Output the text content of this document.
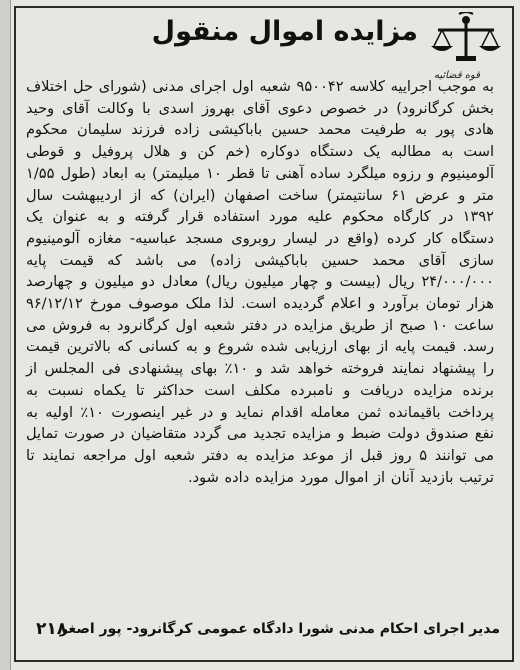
مزایده اموال منقول
قوه قضائیه
به موجب اجراییه کلاسه ۹۵۰۰۴۲ شعبه اول اجرای مدنی (شورای حل اختلاف بخش کرگانرود) در خصوص دعوی آقای بهروز اسدی با وکالت آقای وحید هادی پور به طرفیت محمد حسین باباکیشی زاده فرزند سلیمان محکوم است به مطالبه یک دستگاه دوکاره (خم کن و هلال پروفیل و قوطی آلومینیوم و رزوه میلگرد ساده آهنی تا قطر ۱۰ میلیمتر) به ابعاد (طول ۱/۵۵ متر و عرض ۶۱ سانتیمتر) ساخت اصفهان (ایران) که از اردیبهشت سال ۱۳۹۲ در کارگاه محکوم علیه مورد استفاده قرار گرفته و به عنوان یک دستگاه کار کرده (واقع در لیسار روبروی مسجد عباسیه- مغازه آلومینیوم سازی آقای محمد حسین باباکیشی زاده) می باشد که قیمت پایه ۲۴/۰۰۰/۰۰۰ ریال (بیست و چهار میلیون ریال) معادل دو میلیون و چهارصد هزار تومان برآورد و اعلام گردیده است. لذا ملک موصوف مورخ ۹۶/۱۲/۱۲ ساعت ۱۰ صبح از طریق مزایده در دفتر شعبه اول کرگانرود به فروش می رسد. قیمت پایه از بهای ارزیابی شده شروع و به کسانی که بالاترین قیمت را پیشنهاد نمایند فروخته خواهد شد و ۱۰٪ بهای پیشنهادی فی المجلس از برنده مزایده دریافت و نامبرده مکلف است حداکثر تا یکماه نسبت به پرداخت باقیمانده ثمن معامله اقدام نماید و در غیر اینصورت ۱۰٪ اولیه به نفع صندوق دولت ضبط و مزایده تجدید می گردد متقاضیان در صورت تمایل می توانند ۵ روز قبل از موعد مزایده به دفتر شعبه اول مراجعه نمایند تا ترتیب بازدید آنان از اموال مورد مزایده داده شود.
مدیر اجرای احکام مدنی شورا دادگاه عمومی کرگانرود- پور اصغر
۲۱۸
